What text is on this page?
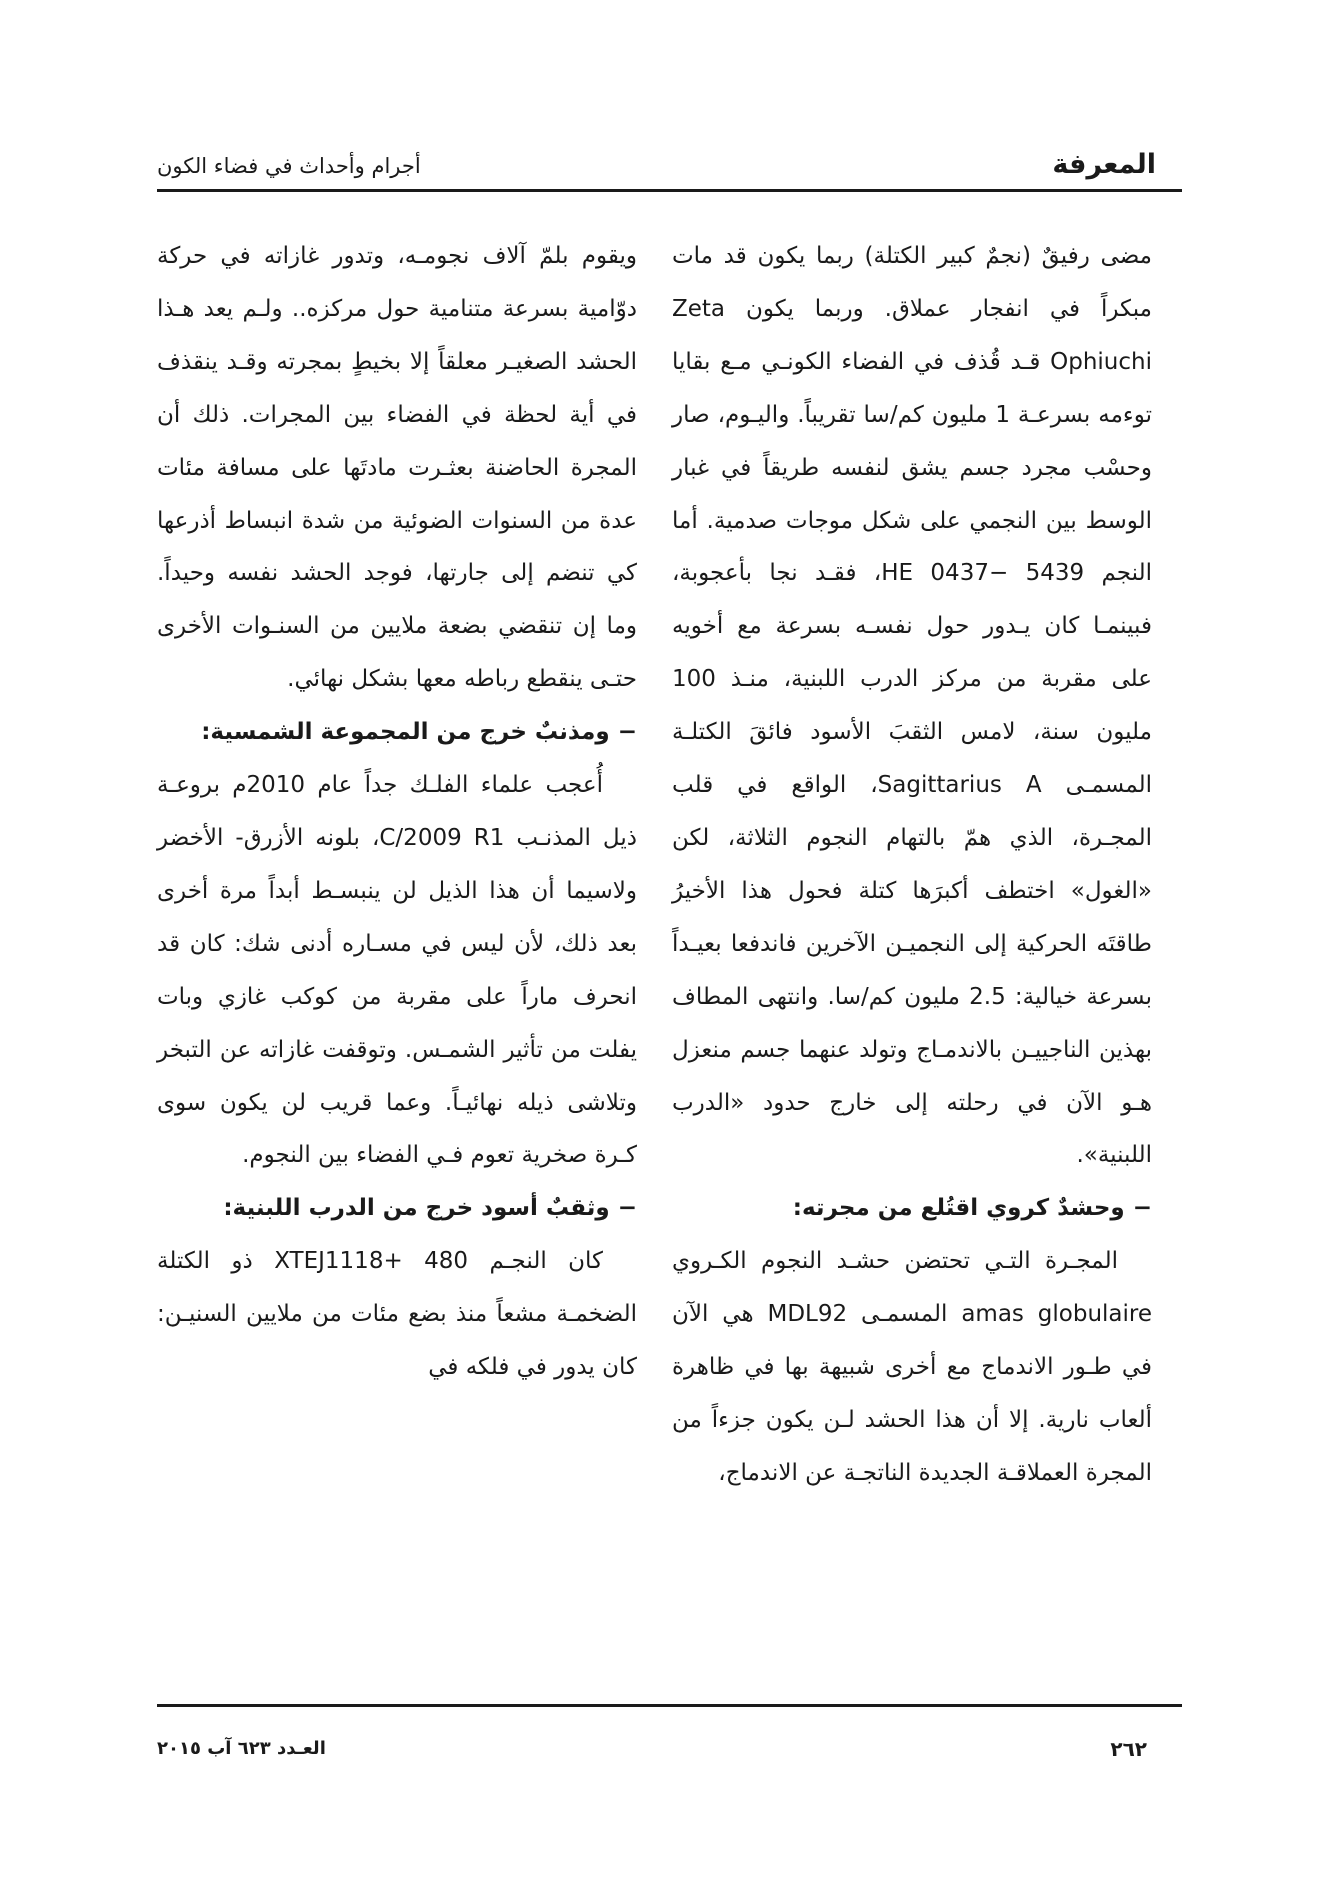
المعرفة
أجرام وأحداث في فضاء الكون

مضى رفيقٌ (نجمٌ كبير الكتلة) ربما يكون قد مات مبكراً في انفجار عملاق. وربما يكون Zeta Ophiuchi قـد قُذف في الفضاء الكونـي مـع بقايا توءمه بسرعـة 1 مليون كم/سا تقريباً. واليـوم، صار وحسْب مجرد جسم يشق لنفسه طريقاً في غبار الوسط بين النجمي على شكل موجات صدمية. أما النجم HE 0437− 5439، فقـد نجا بأعجوبة، فبينمـا كان يـدور حول نفسـه بسرعة مع أخويه على مقربة من مركز الدرب اللبنية، منـذ 100 مليون سنة، لامس الثقبَ الأسود فائقَ الكتلـة المسمـى Sagittarius A، الواقع في قلب المجـرة، الذي همّ بالتهام النجوم الثلاثة، لكن «الغول» اختطف أكبرَها كتلة فحول هذا الأخيرُ طاقتَه الحركية إلى النجميـن الآخرين فاندفعا بعيـداً بسرعة خيالية: 2.5 مليون كم/سا. وانتهى المطاف بهذين الناجييـن بالاندمـاج وتولد عنهما جسم منعزل هـو الآن في رحلته إلى خارج حدود «الدرب اللبنية».

− وحشدٌ كروي اقتُلع من مجرته:

المجـرة التـي تحتضن حشـد النجوم الكـروي amas globulaire المسمـى MDL92 هي الآن في طـور الاندماج مع أخرى شبيهة بها في ظاهرة ألعاب نارية. إلا أن هذا الحشد لـن يكون جزءاً من المجرة العملاقـة الجديدة الناتجـة عن الاندماج،

ويقوم بلمّ آلاف نجومـه، وتدور غازاته في حركة دوّامية بسرعة متنامية حول مركزه.. ولـم يعد هـذا الحشد الصغيـر معلقاً إلا بخيطٍ بمجرته وقـد ينقذف في أية لحظة في الفضاء بين المجرات. ذلك أن المجرة الحاضنة بعثـرت مادتَها على مسافة مئات عدة من السنوات الضوئية من شدة انبساط أذرعها كي تنضم إلى جارتها، فوجد الحشد نفسه وحيداً. وما إن تنقضي بضعة ملايين من السنـوات الأخرى حتـى ينقطع رباطه معها بشكل نهائي.

− ومذنبٌ خرج من المجموعة الشمسية:

أُعجب علماء الفلـك جداً عام 2010م بروعـة ذيل المذنـب C/2009 R1، بلونه الأزرق- الأخضر ولاسيما أن هذا الذيل لن ينبسـط أبداً مرة أخرى بعد ذلك، لأن ليس في مسـاره أدنى شك: كان قد انحرف ماراً على مقربة من كوكب غازي وبات يفلت من تأثير الشمـس. وتوقفت غازاته عن التبخر وتلاشى ذيله نهائيـاً. وعما قريب لن يكون سوى كـرة صخرية تعوم فـي الفضاء بين النجوم.

− وثقبٌ أسود خرج من الدرب اللبنية:

كان النجـم 480 +XTEJ1118 ذو الكتلة الضخمـة مشعاً منذ بضع مئات من ملايين السنيـن: كان يدور في فلكه في

٢٦٢
العـدد ٦٢٣ آب ٢٠١٥
